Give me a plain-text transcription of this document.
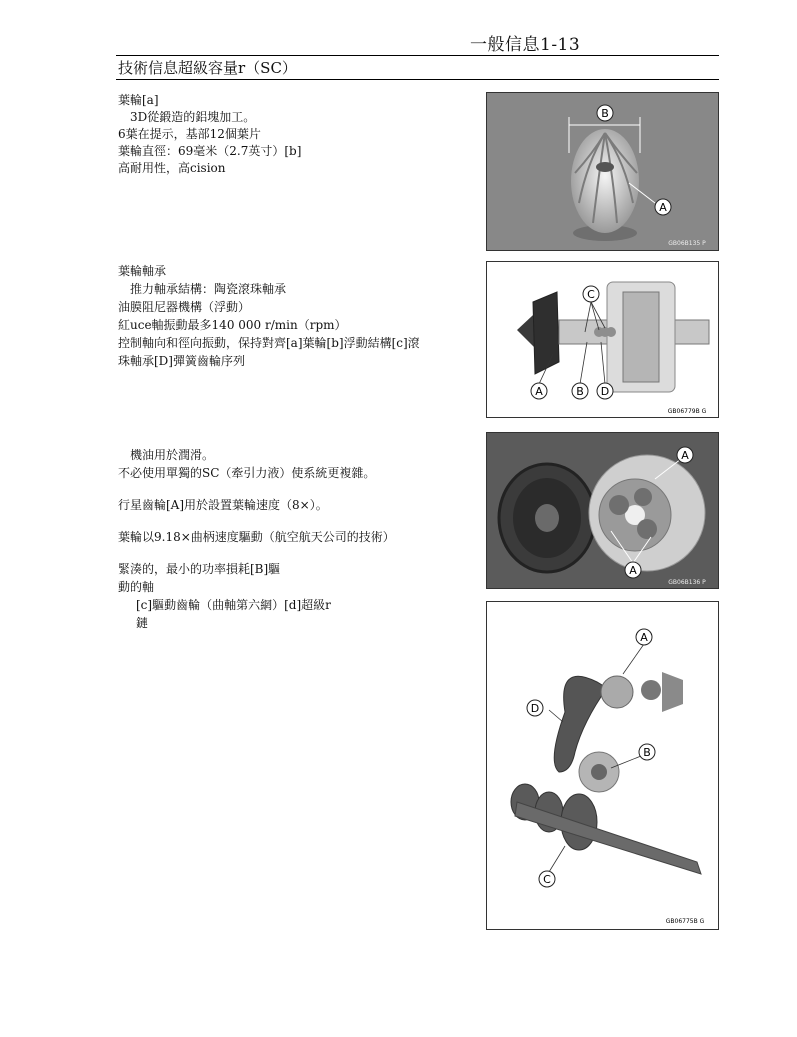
一般信息1-13
技術信息超級容量r（SC）

葉輪[a]

3D從鍛造的鋁塊加工。

6葉在提示，基部12個葉片

葉輪直徑：69毫米（2.7英寸）[b]

高耐用性，高cision

葉輪軸承

推力軸承結構：陶瓷滾珠軸承

油膜阻尼器機構（浮動）

紅uce軸振動最多140 000 r/min（rpm）

控制軸向和徑向振動，保持對齊[a]葉輪[b]浮動結構[c]滾

珠軸承[D]彈簧齒輪序列

機油用於潤滑。

不必使用單獨的SC（牽引力液）使系統更複雜。

行星齒輪[A]用於設置葉輪速度（8×）。

葉輪以9.18×曲柄速度驅動（航空航天公司的技術）

緊湊的，最小的功率損耗[B]驅

動的軸

[c]驅動齒輪（曲軸第六網）[d]超級r

鏈

B
A
GB06B135 P
C
A	B D
GB06779B G
A
A
GB06B136 P
A
D
B
C
GB06775B G
